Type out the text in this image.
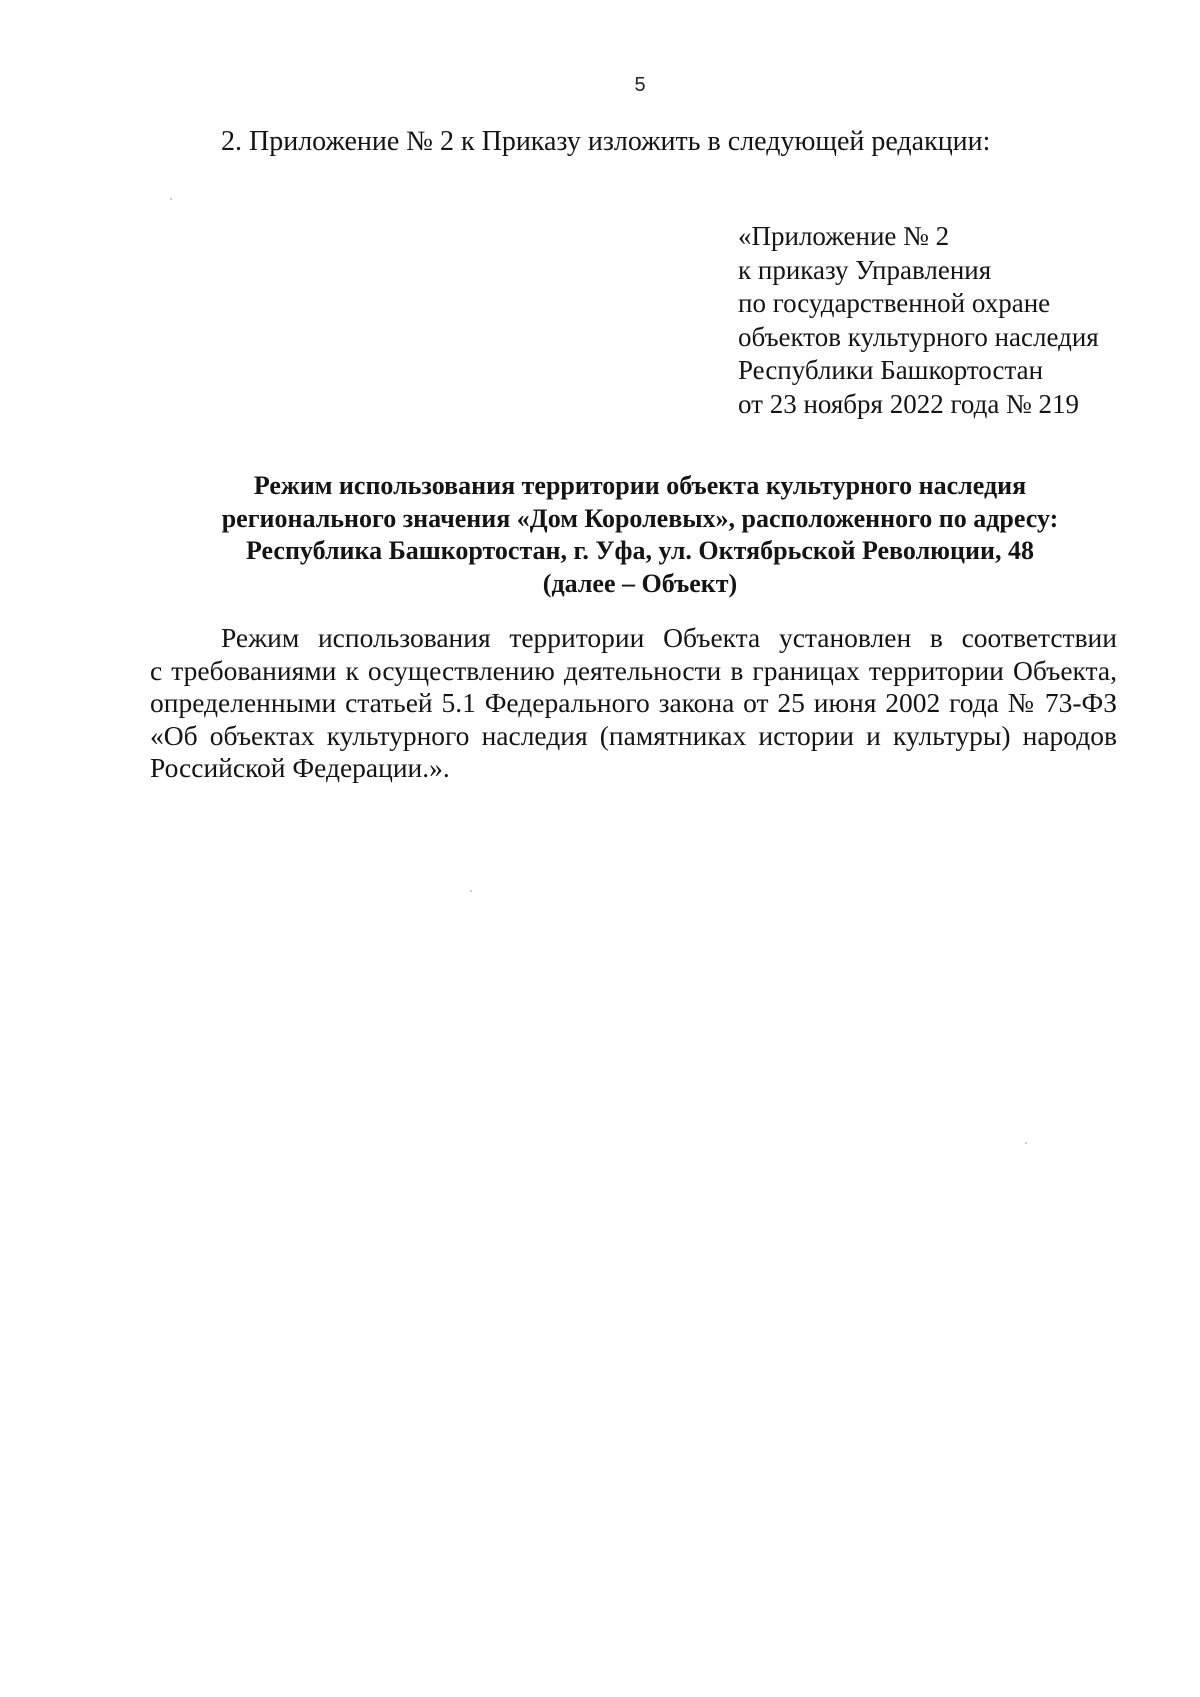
5
2. Приложение № 2 к Приказу изложить в следующей редакции:
«Приложение № 2
к приказу Управления
по государственной охране
объектов культурного наследия
Республики Башкортостан
от 23 ноября 2022 года № 219
Режим использования территории объекта культурного наследия
регионального значения «Дом Королевых», расположенного по адресу:
Республика Башкортостан, г. Уфа, ул. Октябрьской Революции, 48
(далее – Объект)
Режим использования территории Объекта установлен в соответствии
с требованиями к осуществлению деятельности в границах территории Объекта,
определенными статьей 5.1 Федерального закона от 25 июня 2002 года № 73-ФЗ
«Об объектах культурного наследия (памятниках истории и культуры) народов
Российской Федерации.».
